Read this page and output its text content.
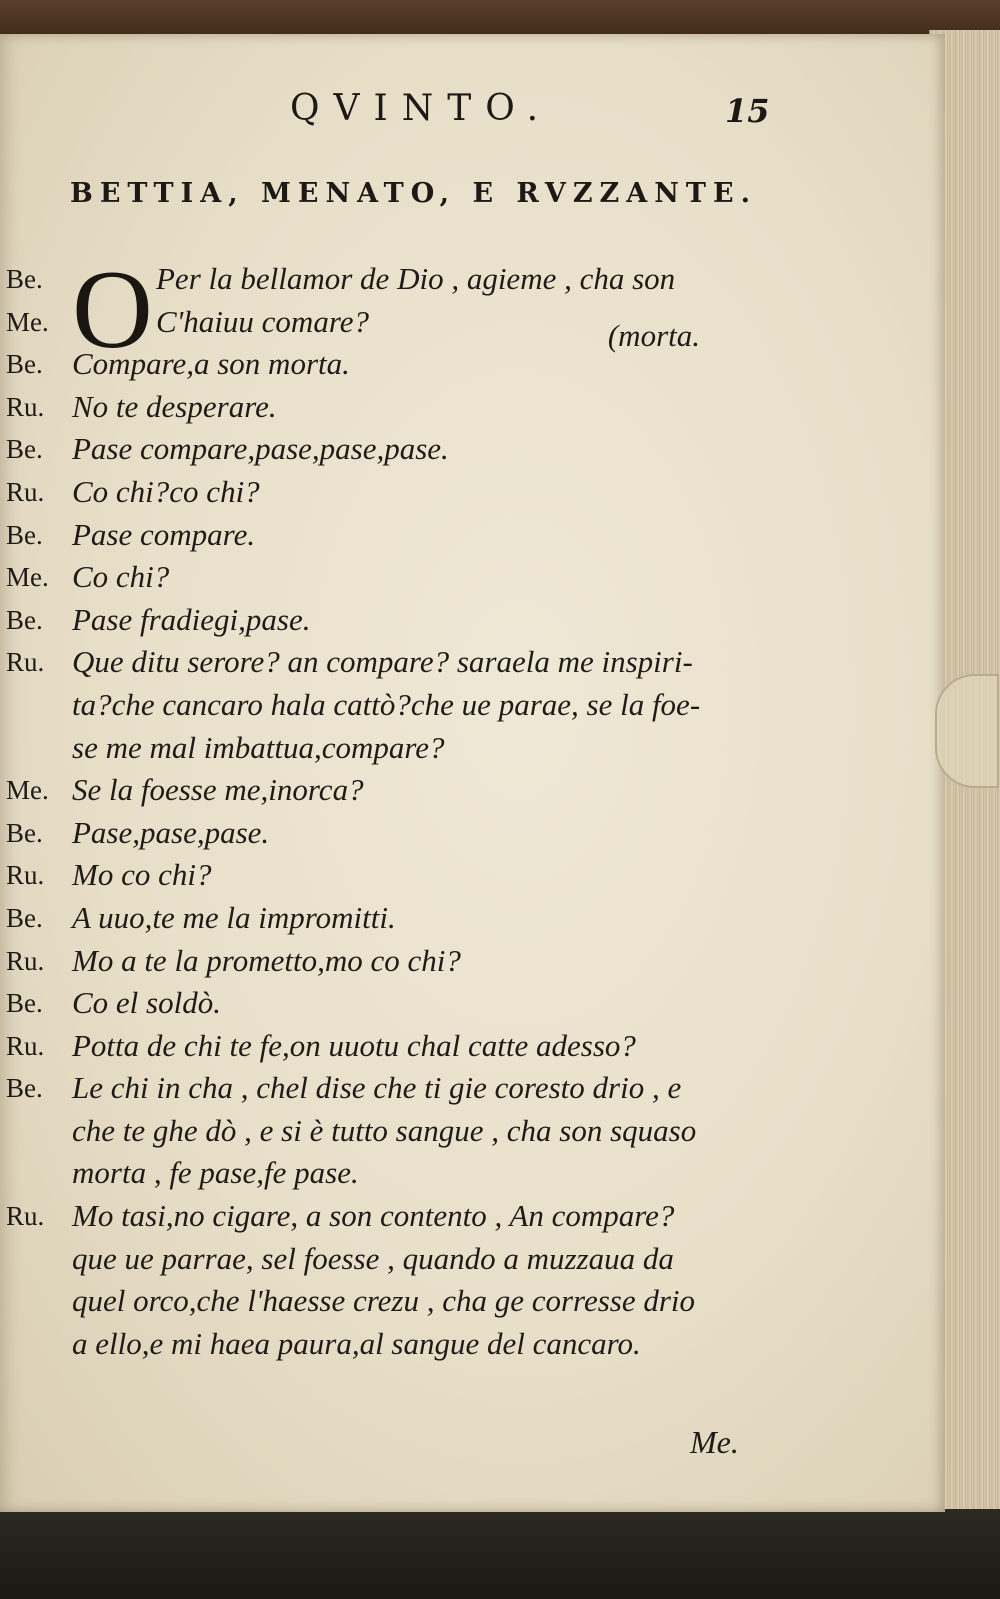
QVINTO.	15
BETTIA, MENATO, E RVZZANTE.
O
Be.	Per la bellamor de Dio , agieme , cha son
Me.	C'haiuu comare?	(morta.
Be. Compare,a son morta.
Ru. No te desperare.
Be. Pase compare,pase,pase,pase.
Ru. Co chi?co chi?
Be. Pase compare.
Me. Co chi?
Be. Pase fradiegi,pase.
Ru. Que ditu serore? an compare? saraela me inspiri-
ta?che cancaro hala cattò?che ue parae, se la foe-
se me mal imbattua,compare?
Me. Se la foesse me,inorca?
Be. Pase,pase,pase.
Ru. Mo co chi?
Be. A uuo,te me la impromitti.
Ru. Mo a te la prometto,mo co chi?
Be. Co el soldò.
Ru. Potta de chi te fe,on uuotu chal catte adesso?
Be. Le chi in cha , chel dise che ti gie coresto drio , e
che te ghe dò , e si è tutto sangue , cha son squaso
morta , fe pase,fe pase.
Ru. Mo tasi,no cigare, a son contento , An compare?
que ue parrae, sel foesse , quando a muzzaua da
quel orco,che l'haesse crezu , cha ge corresse drio
a ello,e mi haea paura,al sangue del cancaro.
Me.
